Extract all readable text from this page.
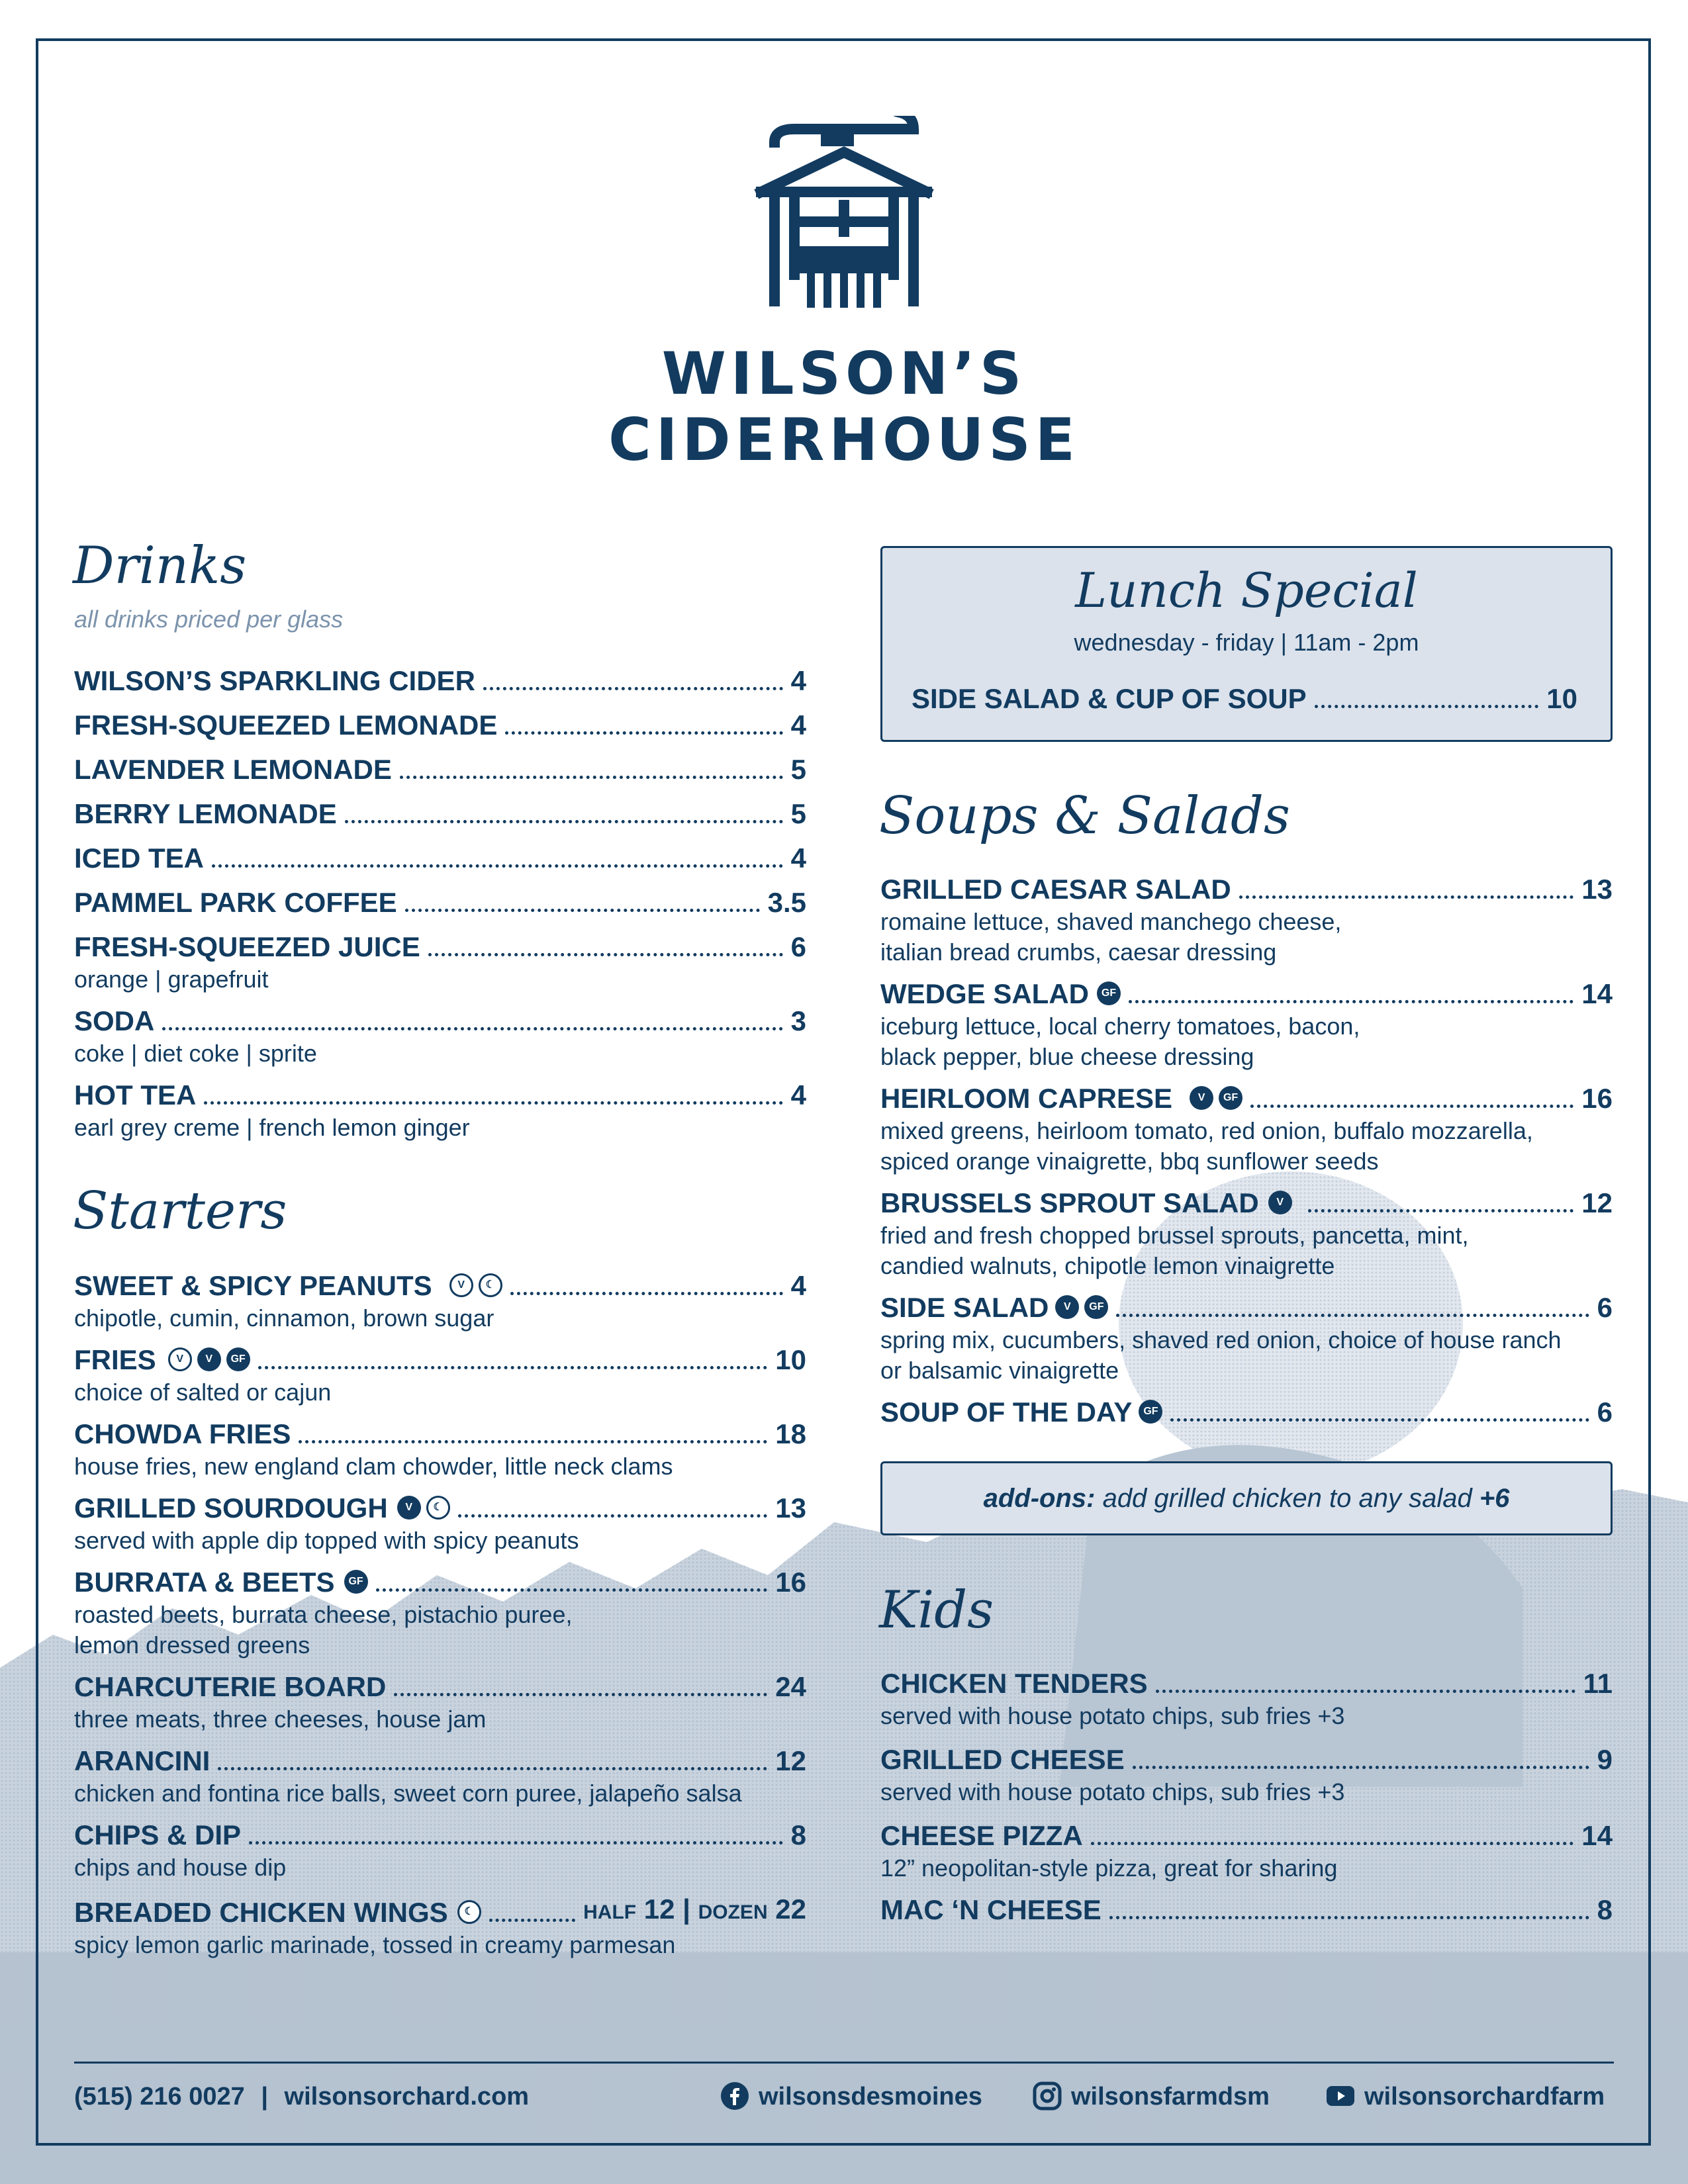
WILSON’S
CIDERHOUSE
Drinks
all drinks priced per glass
WILSON’S SPARKLING CIDER	4
FRESH-SQUEEZED LEMONADE	4
LAVENDER LEMONADE	5
BERRY LEMONADE	5
ICED TEA	4
PAMMEL PARK COFFEE	3.5
FRESH-SQUEEZED JUICE	6
orange | grapefruit
SODA	3
coke | diet coke | sprite
HOT TEA	4
earl grey creme | french lemon ginger
Starters
SWEET & SPICY PEANUTS	V ☾	4
chipotle, cumin, cinnamon, brown sugar
FRIES	V V GF	10
choice of salted or cajun
CHOWDA FRIES	18
house fries, new england clam chowder, little neck clams
GRILLED SOURDOUGH	V ☾	13
served with apple dip topped with spicy peanuts
BURRATA & BEETS	GF	16
roasted beets, burrata cheese, pistachio puree,
lemon dressed greens
CHARCUTERIE BOARD	24
three meats, three cheeses, house jam
ARANCINI	12
chicken and fontina rice balls, sweet corn puree, jalapeño salsa
CHIPS & DIP	8
chips and house dip
BREADED CHICKEN WINGS	☾	HALF 12 | DOZEN 22
spicy lemon garlic marinade, tossed in creamy parmesan
Lunch Special
wednesday - friday | 11am - 2pm
SIDE SALAD & CUP OF SOUP	10
Soups & Salads
GRILLED CAESAR SALAD	13
romaine lettuce, shaved manchego cheese,
italian bread crumbs, caesar dressing
WEDGE SALAD	GF	14
iceburg lettuce, local cherry tomatoes, bacon,
black pepper, blue cheese dressing
HEIRLOOM CAPRESE	V GF	16
mixed greens, heirloom tomato, red onion, buffalo mozzarella,
spiced orange vinaigrette, bbq sunflower seeds
BRUSSELS SPROUT SALAD	V	12
fried and fresh chopped brussel sprouts, pancetta, mint,
candied walnuts, chipotle lemon vinaigrette
SIDE SALAD	V GF	6
spring mix, cucumbers, shaved red onion, choice of house ranch
or balsamic vinaigrette
SOUP OF THE DAY	GF	6
add-ons: add grilled chicken to any salad +6
Kids
CHICKEN TENDERS	11
served with house potato chips, sub fries +3
GRILLED CHEESE	9
served with house potato chips, sub fries +3
CHEESE PIZZA	14
12” neopolitan-style pizza, great for sharing
MAC ‘N CHEESE	8
(515) 216 0027 | wilsonsorchard.com	wilsonsdesmoines	wilsonsfarmdsm	wilsonsorchardfarm
